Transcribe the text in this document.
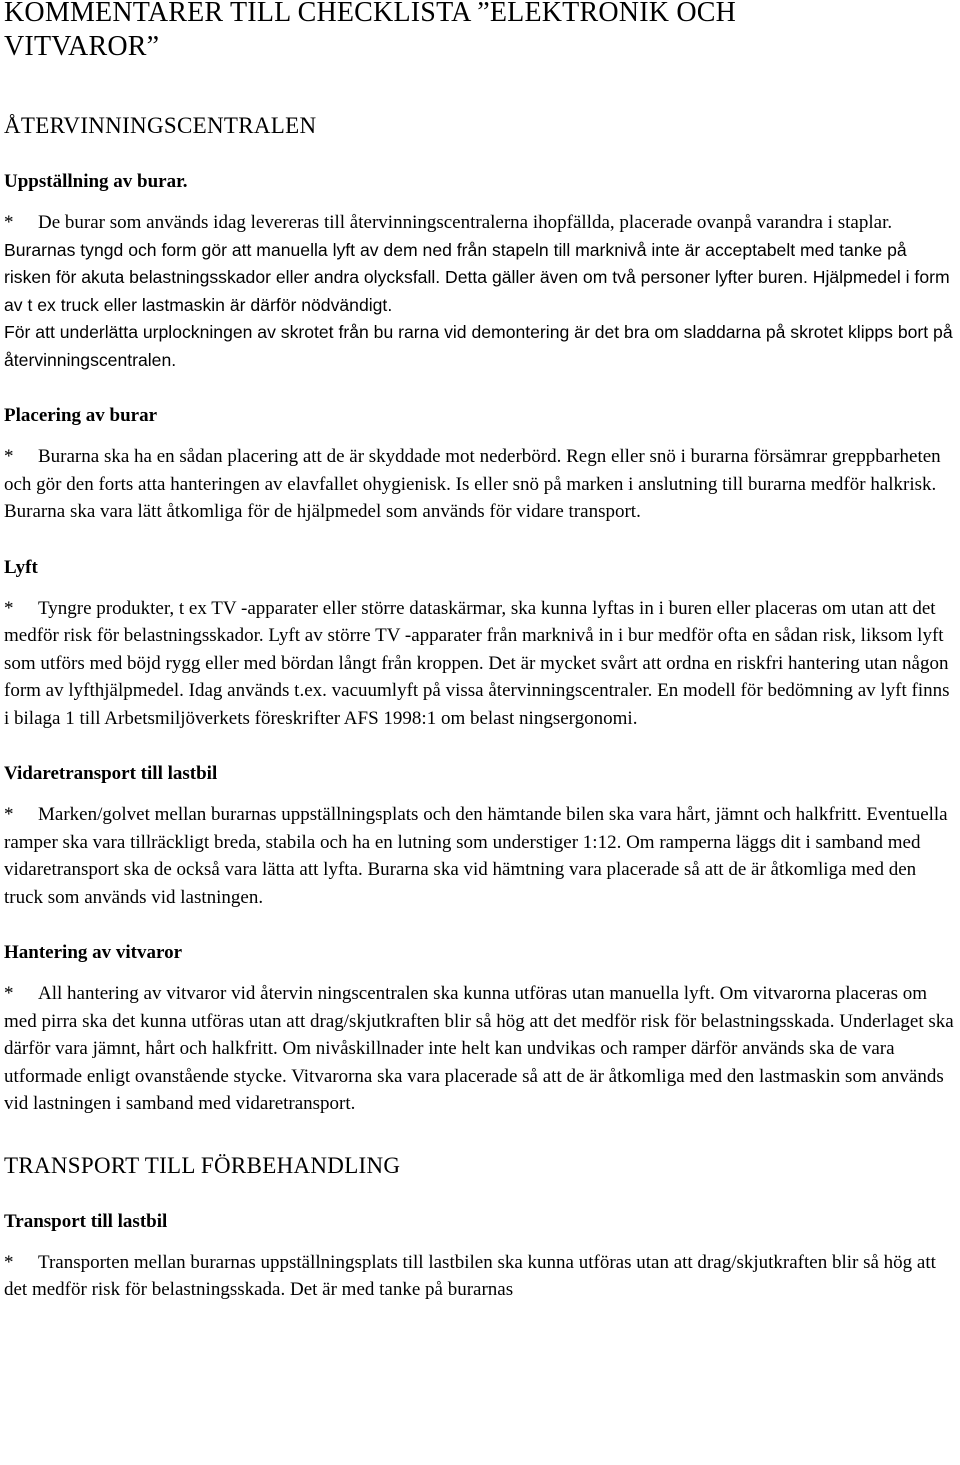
KOMMENTARER TILL CHECKLISTA ”ELEKTRONIK OCH
VITVAROR”
ÅTERVINNINGSCENTRALEN
Uppställning av burar.

* De burar som används idag levereras till återvinningscentralerna ihopfällda, placerade ovanpå varandra i staplar. Burarnas tyngd och form gör att manuella lyft av dem ned från stapeln till marknivå inte är acceptabelt med tanke på risken för akuta belastningsskador eller andra olycksfall. Detta gäller även om två personer lyfter buren. Hjälpmedel i form av t ex truck eller lastmaskin är därför nödvändigt.

För att underlätta urplockningen av skrotet från bu rarna vid demontering är det bra om sladdarna på skrotet klipps bort på återvinningscentralen.

Placering av burar

* Burarna ska ha en sådan placering att de är skyddade mot nederbörd. Regn eller snö i burarna försämrar greppbarheten och gör den forts atta hanteringen av elavfallet ohygienisk. Is eller snö på marken i anslutning till burarna medför halkrisk. Burarna ska vara lätt åtkomliga för de hjälpmedel som används för vidare transport.

Lyft

* Tyngre produkter, t ex TV -apparater eller större dataskärmar, ska kunna lyftas in i buren eller placeras om utan att det medför risk för belastningsskador. Lyft av större TV -apparater från marknivå in i bur medför ofta en sådan risk, liksom lyft som utförs med böjd rygg eller med bördan långt från kroppen. Det är mycket svårt att ordna en riskfri hantering utan någon form av lyfthjälpmedel. Idag används t.ex. vacuumlyft på vissa återvinningscentraler. En modell för bedömning av lyft finns i bilaga 1 till Arbetsmiljöverkets föreskrifter AFS 1998:1 om belast ningsergonomi.

Vidaretransport till lastbil

* Marken/golvet mellan burarnas uppställningsplats och den hämtande bilen ska vara hårt, jämnt och halkfritt. Eventuella ramper ska vara tillräckligt breda, stabila och ha en lutning som understiger 1:12. Om ramperna läggs dit i samband med vidaretransport ska de också vara lätta att lyfta. Burarna ska vid hämtning vara placerade så att de är åtkomliga med den truck som används vid lastningen.

Hantering av vitvaror

* All hantering av vitvaror vid återvin ningscentralen ska kunna utföras utan manuella lyft. Om vitvarorna placeras om med pirra ska det kunna utföras utan att drag/skjutkraften blir så hög att det medför risk för belastningsskada. Underlaget ska därför vara jämnt, hårt och halkfritt. Om nivåskillnader inte helt kan undvikas och ramper därför används ska de vara utformade enligt ovanstående stycke. Vitvarorna ska vara placerade så att de är åtkomliga med den lastmaskin som används vid lastningen i samband med vidaretransport.

TRANSPORT TILL FÖRBEHANDLING
Transport till lastbil

* Transporten mellan burarnas uppställningsplats till lastbilen ska kunna utföras utan att drag/skjutkraften blir så hög att det medför risk för belastningsskada. Det är med tanke på burarnas
